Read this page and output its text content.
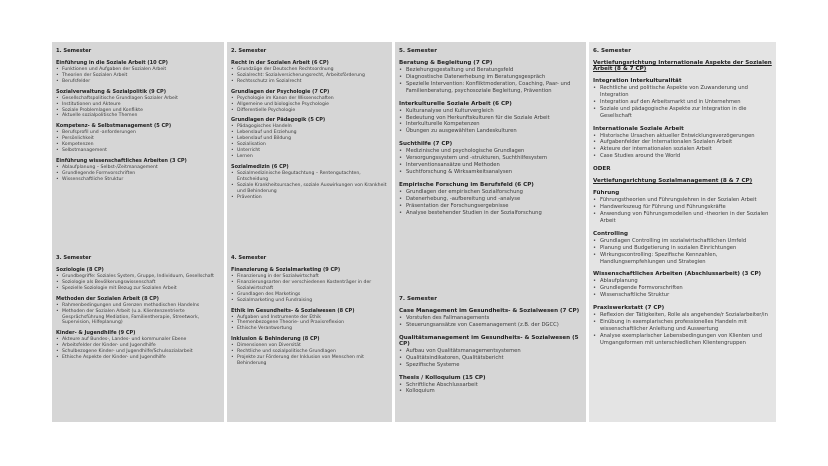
1. Semester
Einführung in die Soziale Arbeit (10 CP)
• Funktionen und Aufgaben der Sozialen Arbeit
• Theorien der Sozialen Arbeit
• Berufsfelder
Sozialverwaltung & Sozialpolitik (9 CP)
• Gesellschaftspolitische Grundlagen Sozialer Arbeit
• Institutionen und Akteure
• Soziale Problemlagen und Konflikte
• Aktuelle sozialpolitische Themen
Kompetenz- & Selbstmanagement (5 CP)
• Berufsprofil und -anforderungen
• Persönlichkeit
• Kompetenzen
• Selbstmanagement
Einführung wissenschaftliches Arbeiten (3 CP)
• Ablaufplanung – Selbst-/Zeitmanagement
• Grundlegende Formvorschriften
• Wissenschaftliche Struktur
3. Semester
Soziologie (8 CP)
• Grundbegriffe: Soziales System, Gruppe, Individuum, Gesellschaft
• Soziologie als Bevölkerungswissenschaft
• Spezielle Soziologie mit Bezug zur Sozialen Arbeit
Methoden der Sozialen Arbeit (8 CP)
• Rahmenbedingungen und Grenzen methodischen Handelns
• Methoden der Sozialen Arbeit (u.a. Klientenzentrierte Gesprächsführung Mediation, Familientherapie, Streetwork, Supervision, Hilfeplanung)
Kinder- & Jugendhilfe (9 CP)
• Akteure auf Bundes-, Landes- und kommunaler Ebene
• Arbeitsfelder der Kinder- und Jugendhilfe
• Schulbezogene Kinder- und Jugendhilfe/Schulsozialarbeit
• Ethische Aspekte der Kinder- und Jugendhilfe
2. Semester
Recht in der Sozialen Arbeit (6 CP)
• Grundzüge der Deutschen Rechtsordnung
• Sozialrecht: Sozialversicherungsrecht, Arbeitsförderung
• Rechtsschutz im Sozialrecht
Grundlagen der Psychologie (7 CP)
• Psychologie im Kanon der Wissenschaften
• Allgemeine und biologische Psychologie
• Differentielle Psychologie
Grundlagen der Pädagogik (5 CP)
• Pädagogisches Handeln
• Lebenslauf und Erziehung
• Lebenslauf und Bildung
• Sozialisation
• Unterricht
• Lernen
Sozialmedizin (6 CP)
• Sozialmedizinische Begutachtung – Rentengutachten, Entscheidung
• Soziale Krankheitsursachen, soziale Auswirkungen von Krankheit und Behinderung
• Prävention
4. Semester
Finanzierung & Sozialmarketing (9 CP)
• Finanzierung in der Sozialwirtschaft
• Finanzierungsarten der verschiedenen Kostenträger in der Sozialwirtschaft
• Grundlagen des Marketings
• Sozialmarketing und Fundraising
Ethik im Gesundheits- & Sozialwesen (8 CP)
• Aufgaben und Instrumente der Ethik
• Themenbezogene Theorie- und Praxisreflexion
• Ethische Verantwortung
Inklusion & Behinderung (8 CP)
• Dimensionen von Diversität
• Rechtliche und sozialpolitische Grundlagen
• Projekte zur Förderung der Inklusion von Menschen mit Behinderung
5. Semester
Beratung & Begleitung (7 CP)
• Beziehungsgestaltung und Beratungsfeld
• Diagnostische Datenerhebung im Beratungsgespräch
• Spezielle Intervention: Konfliktmoderation, Coaching, Paar- und Familienberatung, psychosoziale Begleitung, Prävention
Interkulturelle Soziale Arbeit (6 CP)
• Kulturanalyse und Kulturvergleich
• Bedeutung von Herkunftskulturen für die Soziale Arbeit
• Interkulturelle Kompetenzen
• Übungen zu ausgewählten Landeskulturen
Suchthilfe (7 CP)
• Medizinische und psychologische Grundlagen
• Versorgungssystem und -strukturen, Suchthilfesystem
• Interventionsansätze und Methoden
• Suchtforschung & Wirksamkeitsanalysen
Empirische Forschung im Berufsfeld (6 CP)
• Grundlagen der empirischen Sozialforschung
• Datenerhebung, -aufbereitung und -analyse
• Präsentation der Forschungsergebnisse
• Analyse bestehender Studien in der Sozialforschung
7. Semester
Case Management im Gesundheits- & Sozialwesen (7 CP)
• Vorstufen des Fallmanagements
• Steuerungsansätze von Casemanagement (z.B. der DGCC)
Qualitätsmanagement im Gesundheits- & Sozialwesen (5 CP)
• Aufbau von Qualitätsmanagementsystemen
• Qualitätsindikatoren, Qualitätsbericht
• Spezifische Systeme
Thesis / Kolloquium (15 CP)
• Schriftliche Abschlussarbeit
• Kolloquium
6. Semester
Vertiefungsrichtung Internationale Aspekte der Sozialen Arbeit (8 & 7 CP)
Integration Interkulturalität
• Rechtliche und politische Aspekte von Zuwanderung und Integration
• Integration auf den Arbeitsmarkt und in Unternehmen
• Soziale und pädagogische Aspekte zur Integration in die Gesellschaft
Internationale Soziale Arbeit
• Historische Ursachen aktueller Entwicklungsverzögerungen
• Aufgabenfelder der Internationalen Sozialen Arbeit
• Akteure der internationalen sozialen Arbeit
• Case Studies around the World
ODER
Vertiefungsrichtung Sozialmanagement (8 & 7 CP)
Führung
• Führungstheorien und Führungslehren in der Sozialen Arbeit
• Handwerkszeug für Führung und Führungskräfte
• Anwendung von Führungsmodellen und -theorien in der Sozialen Arbeit
Controlling
• Grundlagen Controlling im sozialwirtschaftlichen Umfeld
• Planung und Budgetierung in sozialen Einrichtungen
• Wirkungscontrolling: Spezifische Kennzahlen, Handlungsempfehlungen und Strategien
Wissenschaftliches Arbeiten (Abschlussarbeit) (3 CP)
• Ablaufplanung
• Grundlegende Formvorschriften
• Wissenschaftliche Struktur
Praxiswerkstatt (7 CP)
• Reflexion der Tätigkeiten, Rolle als angehende/r Sozialarbeiter/in
• Einübung in exemplarisches professionelles Handeln mit wissenschaftlicher Anleitung und Auswertung
• Analyse exemplarischer Lebensbedingungen von Klienten und Umgangsformen mit unterschiedlichen Klientengruppen
